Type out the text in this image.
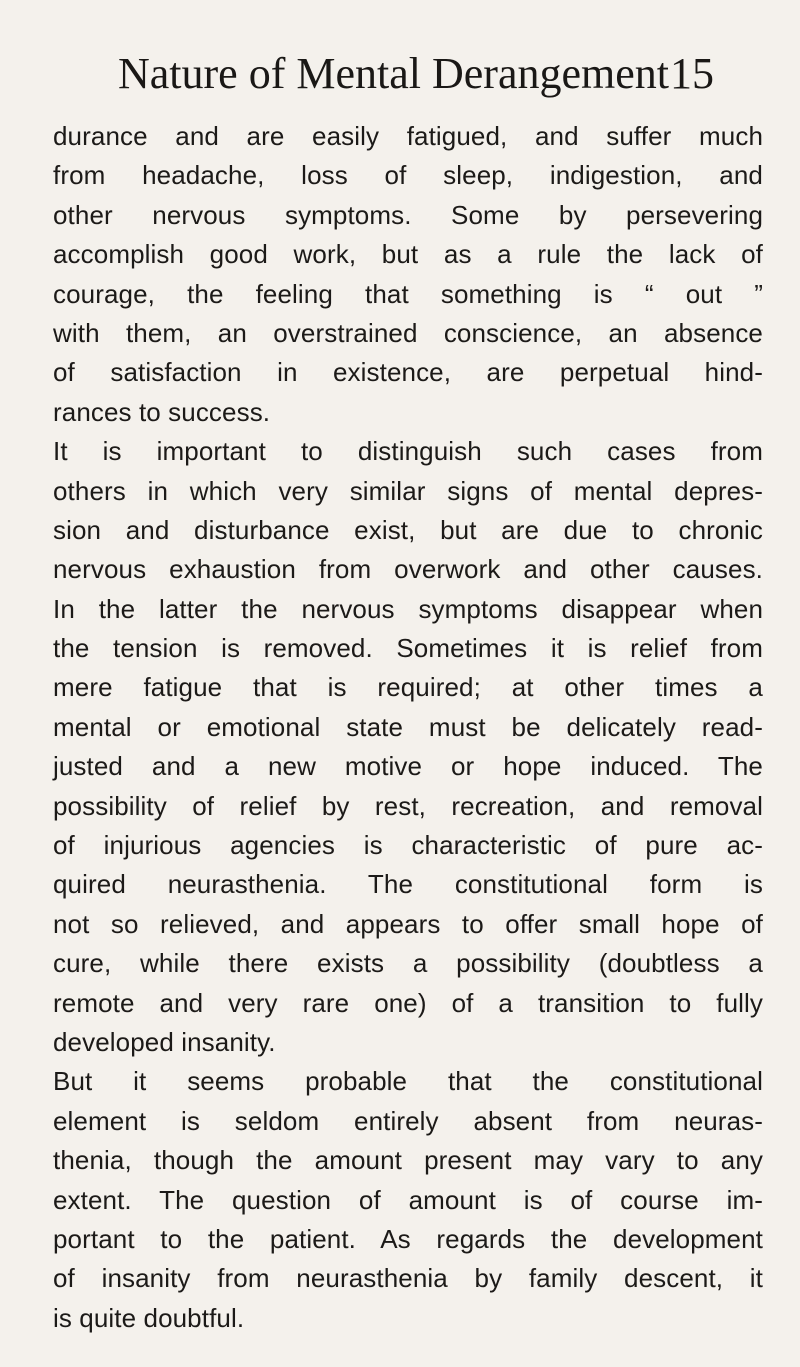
Nature of Mental Derangement 15
durance and are easily fatigued, and suffer much
from headache, loss of sleep, indigestion, and
other nervous symptoms. Some by persevering
accomplish good work, but as a rule the lack of
courage, the feeling that something is “ out ”
with them, an overstrained conscience, an absence
of satisfaction in existence, are perpetual hind-
rances to success.
It is important to distinguish such cases from
others in which very similar signs of mental depres-
sion and disturbance exist, but are due to chronic
nervous exhaustion from overwork and other causes.
In the latter the nervous symptoms disappear when
the tension is removed. Sometimes it is relief from
mere fatigue that is required; at other times a
mental or emotional state must be delicately read-
justed and a new motive or hope induced. The
possibility of relief by rest, recreation, and removal
of injurious agencies is characteristic of pure ac-
quired neurasthenia. The constitutional form is
not so relieved, and appears to offer small hope of
cure, while there exists a possibility (doubtless a
remote and very rare one) of a transition to fully
developed insanity.
But it seems probable that the constitutional
element is seldom entirely absent from neuras-
thenia, though the amount present may vary to any
extent. The question of amount is of course im-
portant to the patient. As regards the development
of insanity from neurasthenia by family descent, it
is quite doubtful.
